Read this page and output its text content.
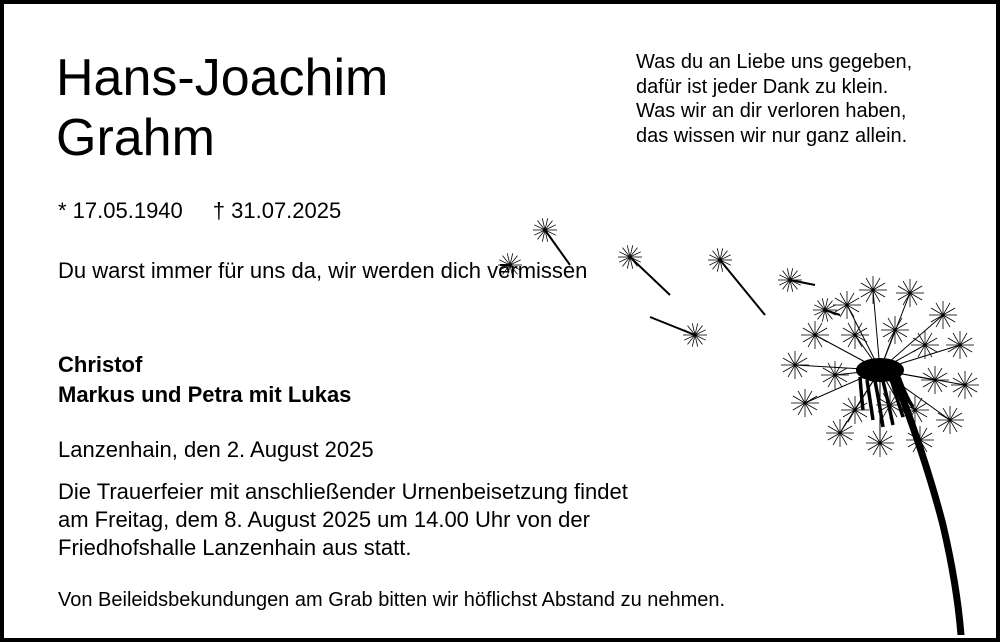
Hans-Joachim
Grahm
Was du an Liebe uns gegeben,
dafür ist jeder Dank zu klein.
Was wir an dir verloren haben,
das wissen wir nur ganz allein.
* 17.05.1940 † 31.07.2025
Du warst immer für uns da, wir werden dich vermissen
Christof
Markus und Petra mit Lukas
Lanzenhain, den 2. August 2025
Die Trauerfeier mit anschließender Urnenbeisetzung findet
am Freitag, dem 8. August 2025 um 14.00 Uhr von der
Friedhofshalle Lanzenhain aus statt.
Von Beileidsbekundungen am Grab bitten wir höflichst Abstand zu nehmen.
